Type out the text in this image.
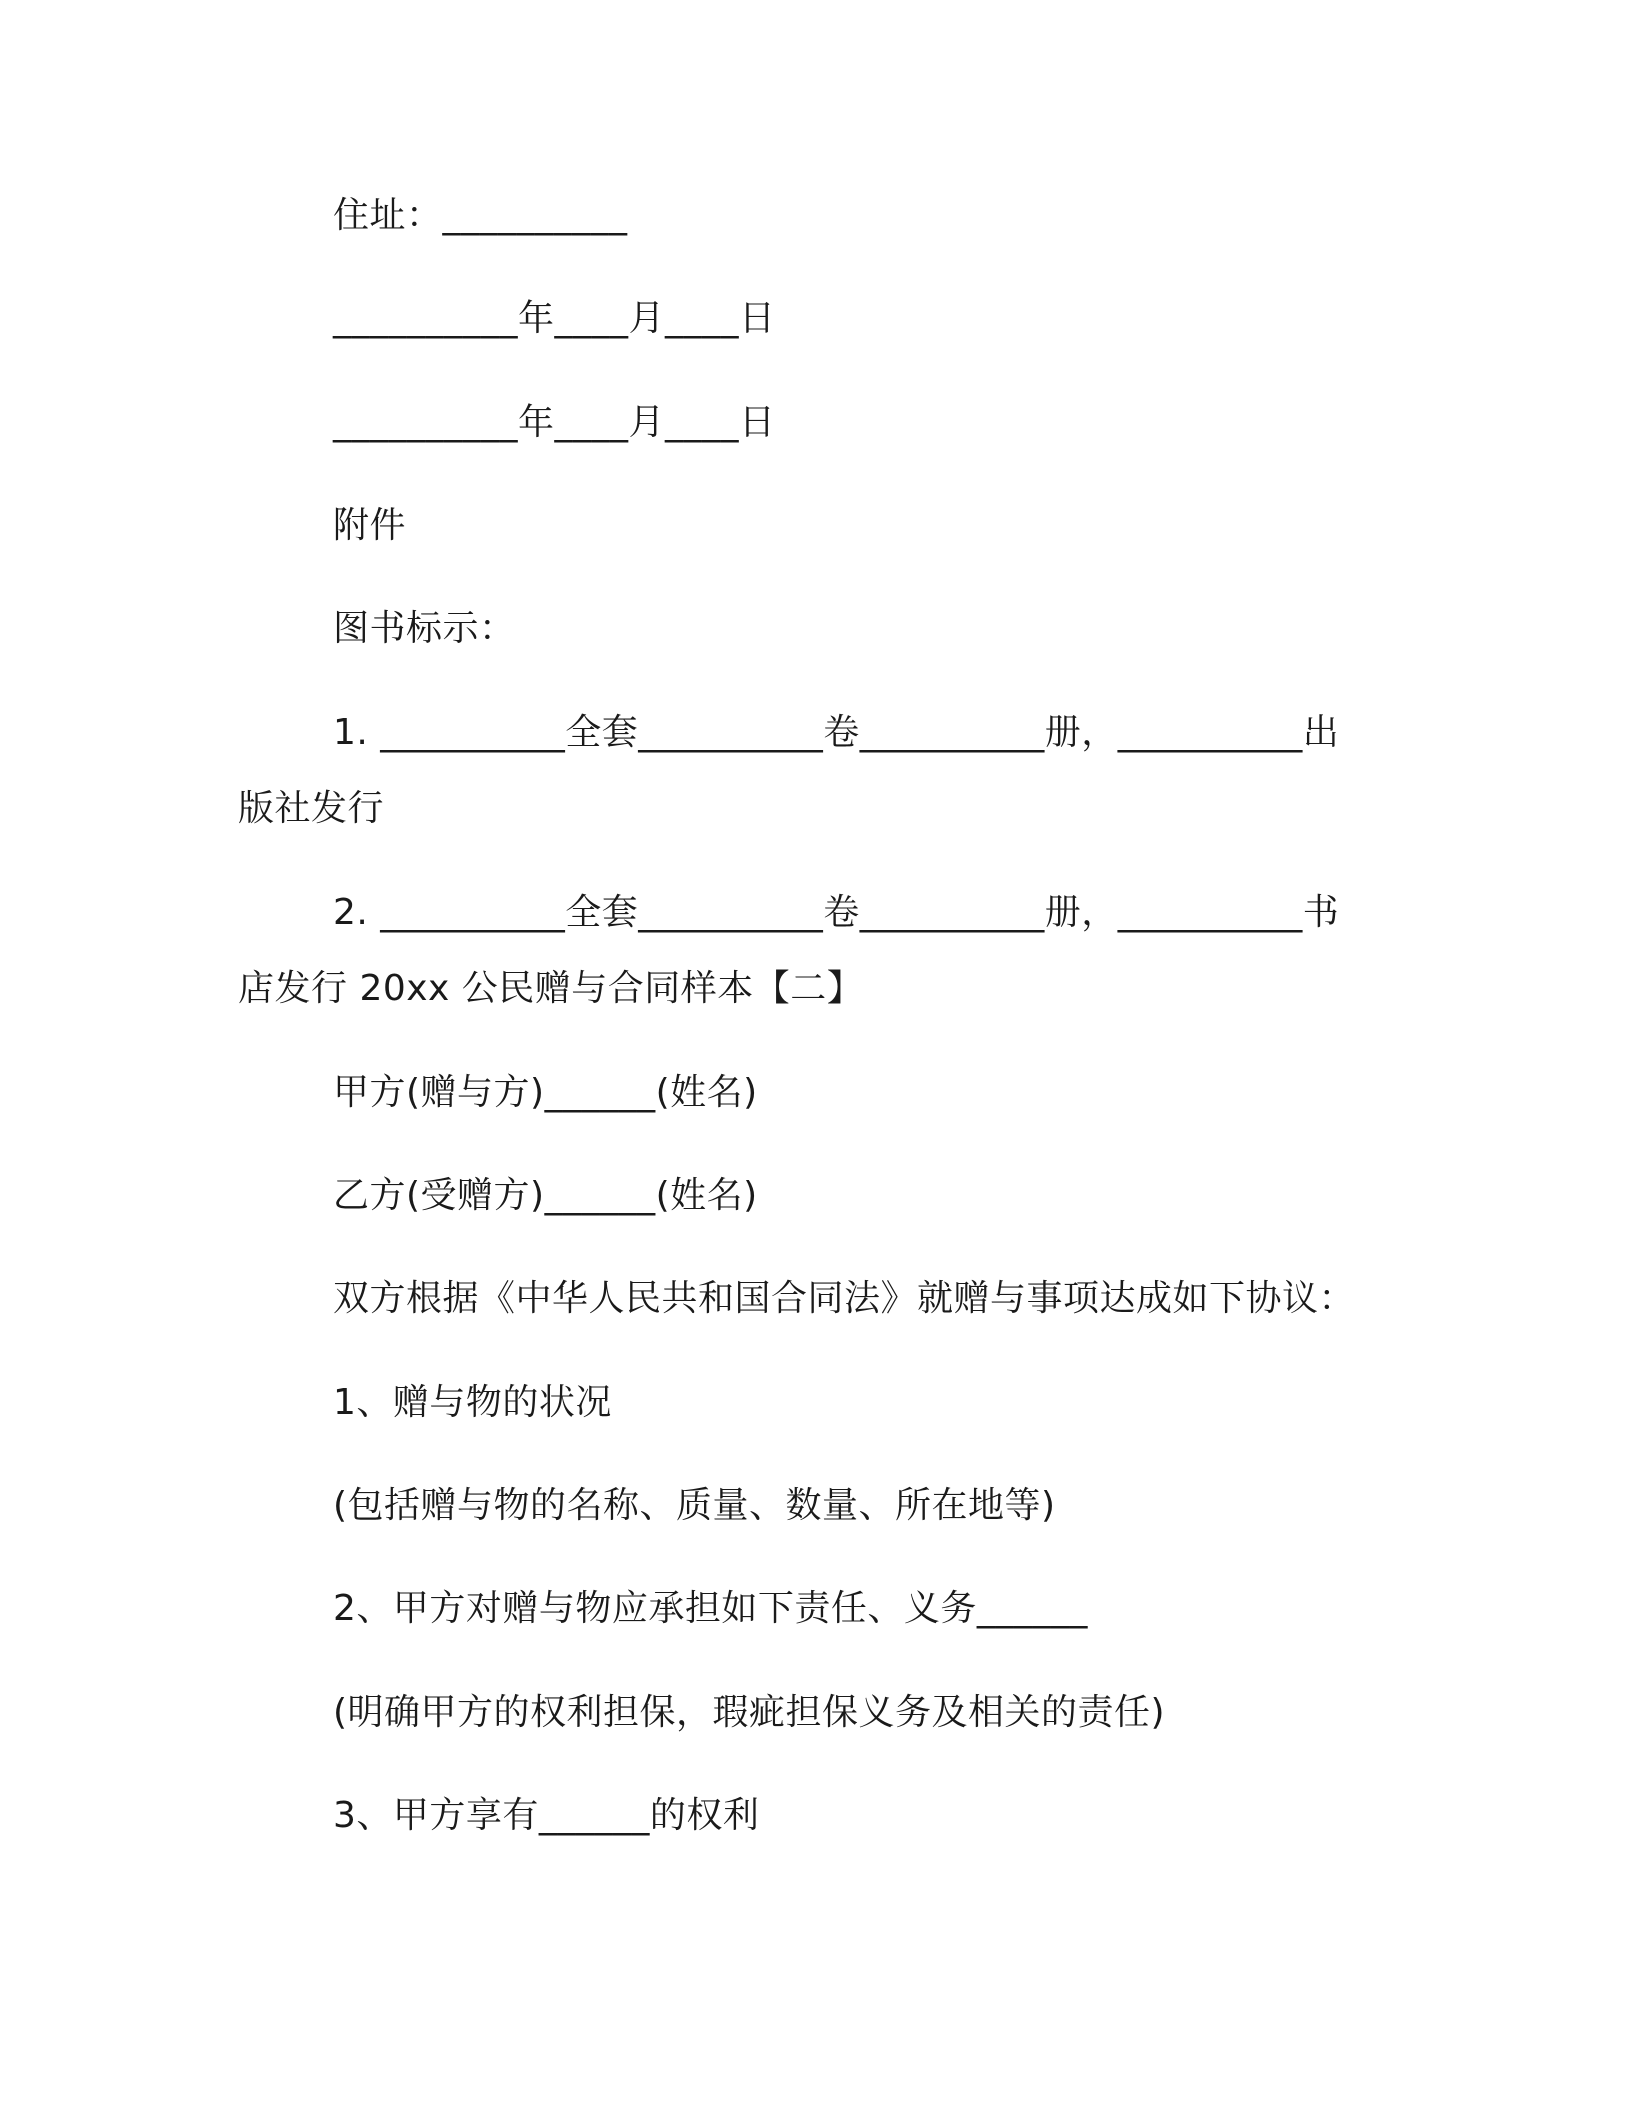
住址：__________
__________年____月____日
__________年____月____日
附件
图书标示：
1. __________全套__________卷__________册，__________出
版社发行
2. __________全套__________卷__________册，__________书
店发行 20xx 公民赠与合同样本【二】
甲方(赠与方)______(姓名)
乙方(受赠方)______(姓名)
双方根据《中华人民共和国合同法》就赠与事项达成如下协议：
1、赠与物的状况
(包括赠与物的名称、质量、数量、所在地等)
2、甲方对赠与物应承担如下责任、义务______
(明确甲方的权利担保，瑕疵担保义务及相关的责任)
3、甲方享有______的权利
